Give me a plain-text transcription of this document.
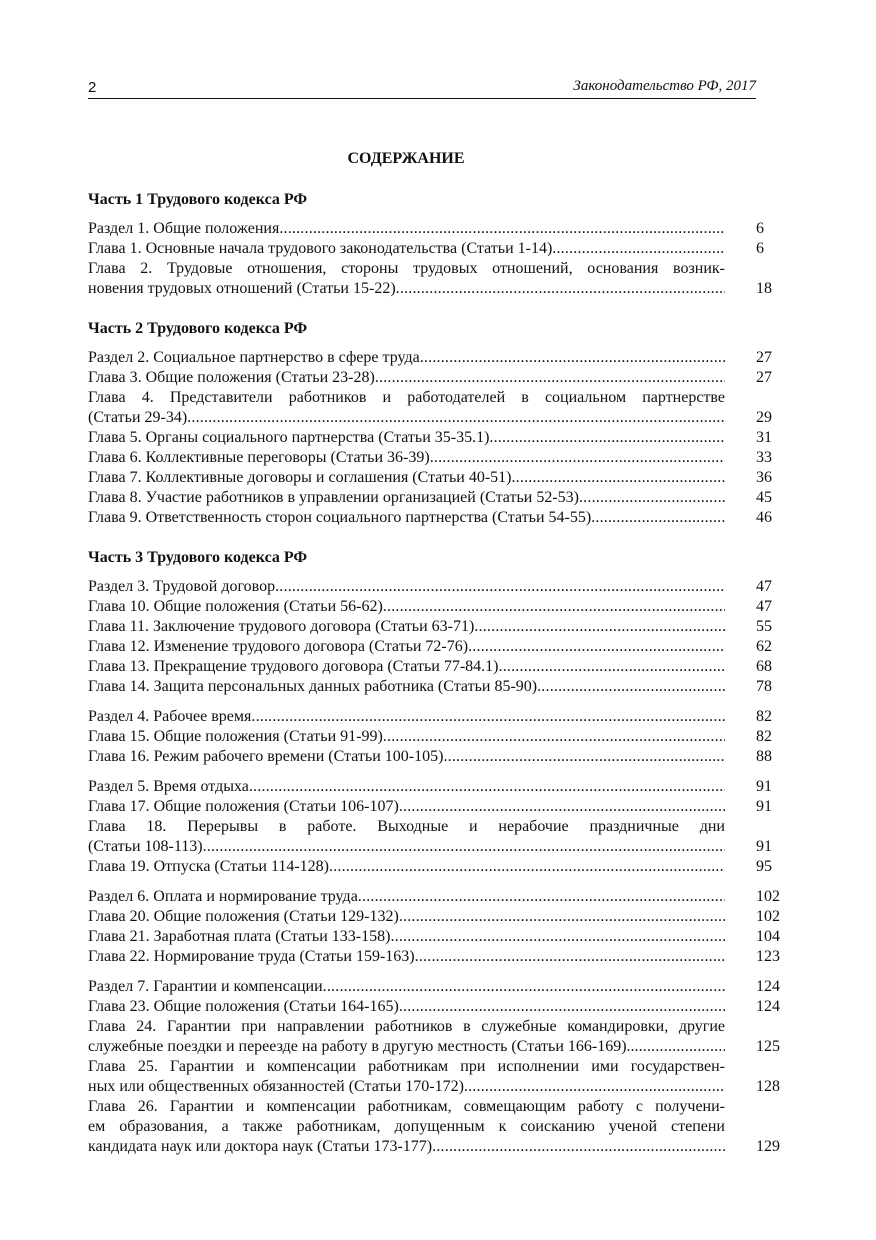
2	Законодательство РФ, 2017
СОДЕРЖАНИЕ
Часть 1 Трудового кодекса РФ
Раздел 1. Общие положения .....	6
Глава 1. Основные начала трудового законодательства (Статьи 1-14) .....	6
Глава 2. Трудовые отношения, стороны трудовых отношений, основания возник-
новения трудовых отношений (Статьи 15-22) .....	18
Часть 2 Трудового кодекса РФ
Раздел 2. Социальное партнерство в сфере труда .....	27
Глава 3. Общие положения (Статьи 23-28) .....	27
Глава 4. Представители работников и работодателей в социальном партнерстве
(Статьи 29-34) .....	29
Глава 5. Органы социального партнерства (Статьи 35-35.1) .....	31
Глава 6. Коллективные переговоры (Статьи 36-39) .....	33
Глава 7. Коллективные договоры и соглашения (Статьи 40-51) .....	36
Глава 8. Участие работников в управлении организацией (Статьи 52-53) .....	45
Глава 9. Ответственность сторон социального партнерства (Статьи 54-55) .....	46
Часть 3 Трудового кодекса РФ
Раздел 3. Трудовой договор .....	47
Глава 10. Общие положения (Статьи 56-62) .....	47
Глава 11. Заключение трудового договора (Статьи 63-71) .....	55
Глава 12. Изменение трудового договора (Статьи 72-76) .....	62
Глава 13. Прекращение трудового договора (Статьи 77-84.1) .....	68
Глава 14. Защита персональных данных работника (Статьи 85-90) .....	78
Раздел 4. Рабочее время .....	82
Глава 15. Общие положения (Статьи 91-99) .....	82
Глава 16. Режим рабочего времени (Статьи 100-105) .....	88
Раздел 5. Время отдыха .....	91
Глава 17. Общие положения (Статьи 106-107) .....	91
Глава 18. Перерывы в работе. Выходные и нерабочие праздничные дни
(Статьи 108-113) .....	91
Глава 19. Отпуска (Статьи 114-128) .....	95
Раздел 6. Оплата и нормирование труда .....	102
Глава 20. Общие положения (Статьи 129-132) .....	102
Глава 21. Заработная плата (Статьи 133-158) .....	104
Глава 22. Нормирование труда (Статьи 159-163) .....	123
Раздел 7. Гарантии и компенсации .....	124
Глава 23. Общие положения (Статьи 164-165) .....	124
Глава 24. Гарантии при направлении работников в служебные командировки, другие
служебные поездки и переезде на работу в другую местность (Статьи 166-169)... .....	125
Глава 25. Гарантии и компенсации работникам при исполнении ими государствен-
ных или общественных обязанностей (Статьи 170-172) .....	128
Глава 26. Гарантии и компенсации работникам, совмещающим работу с получени-
ем образования, а также работникам, допущенным к соисканию ученой степени
кандидата наук или доктора наук (Статьи 173-177) .....	129
